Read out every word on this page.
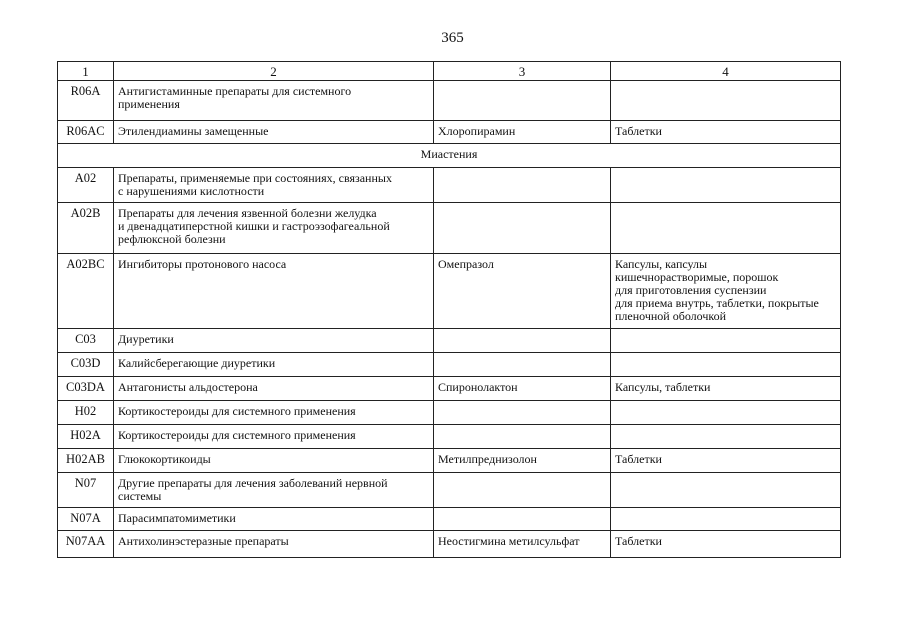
365
1	2	3	4
R06A	Антигистаминные препараты для системного
применения		

R06AC	Этилендиамины замещенные	Хлоропирамин	Таблетки

Миастения			
A02	Препараты, применяемые при состояниях, связанных
с нарушениями кислотности		

A02B	Препараты для лечения язвенной болезни желудка
и двенадцатиперстной кишки и гастроэзофагеальной
рефлюксной болезни		

A02BC	Ингибиторы протонового насоса	Омепразол	Капсулы, капсулы
кишечнорастворимые, порошок
для приготовления суспензии
для приема внутрь, таблетки, покрытые
пленочной оболочкой

C03	Диуретики		

C03D	Калийсберегающие диуретики		

C03DA	Антагонисты альдостерона	Спиронолактон	Капсулы, таблетки

H02	Кортикостероиды для системного применения		

H02A	Кортикостероиды для системного применения		

H02AB	Глюкокортикоиды	Метилпреднизолон	Таблетки

N07	Другие препараты для лечения заболеваний нервной
системы		

N07A	Парасимпатомиметики		

N07AA	Антихолинэстеразные препараты	Неостигмина метилсульфат	Таблетки
